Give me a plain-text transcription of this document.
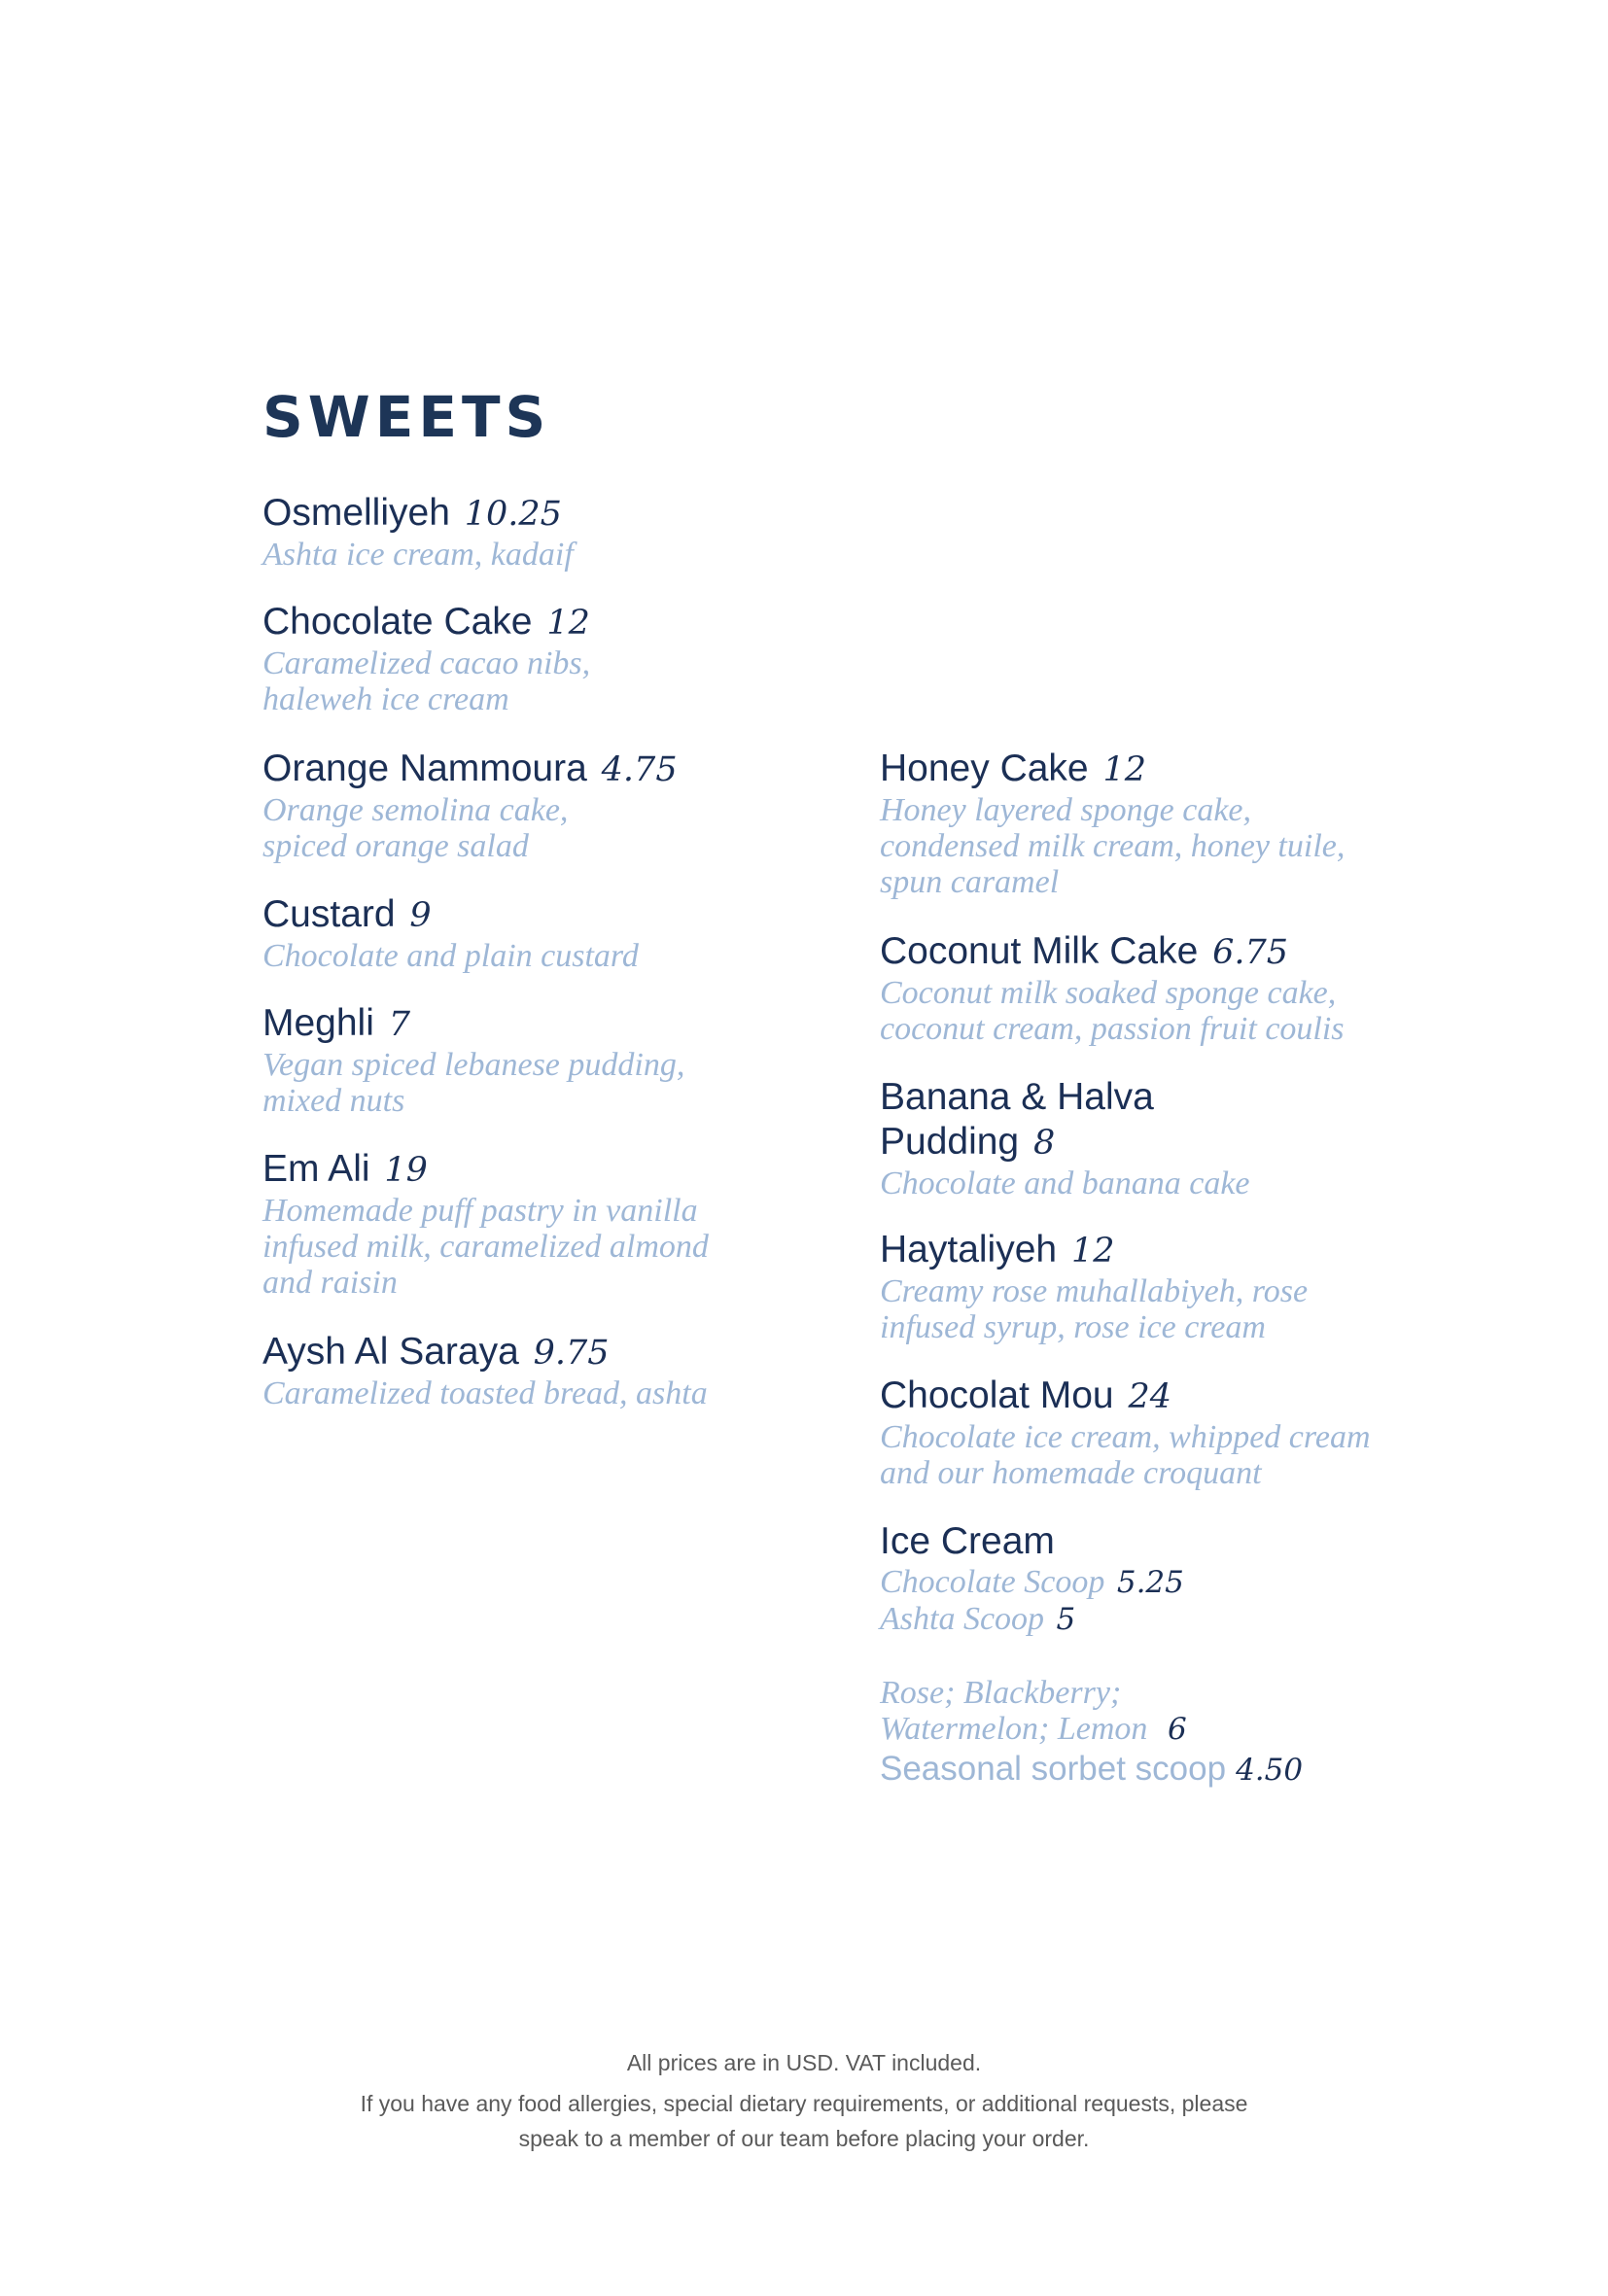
SWEETS
Osmelliyeh 10.25
Ashta ice cream, kadaif
Chocolate Cake 12
Caramelized cacao nibs,
haleweh ice cream
Orange Nammoura 4.75
Orange semolina cake,
spiced orange salad
Custard 9
Chocolate and plain custard
Meghli 7
Vegan spiced lebanese pudding,
mixed nuts
Em Ali 19
Homemade puff pastry in vanilla
infused milk, caramelized almond
and raisin
Aysh Al Saraya 9.75
Caramelized toasted bread, ashta
Honey Cake 12
Honey layered sponge cake,
condensed milk cream, honey tuile,
spun caramel
Coconut Milk Cake 6.75
Coconut milk soaked sponge cake,
coconut cream, passion fruit coulis
Banana & Halva
Pudding 8
Chocolate and banana cake
Haytaliyeh 12
Creamy rose muhallabiyeh, rose
infused syrup, rose ice cream
Chocolat Mou 24
Chocolate ice cream, whipped cream
and our homemade croquant
Ice Cream
Chocolate Scoop 5.25
Ashta Scoop 5
Rose; Blackberry;
Watermelon; Lemon 6
Seasonal sorbet scoop 4.50
All prices are in USD. VAT included.
If you have any food allergies, special dietary requirements, or additional requests, please
speak to a member of our team before placing your order.
